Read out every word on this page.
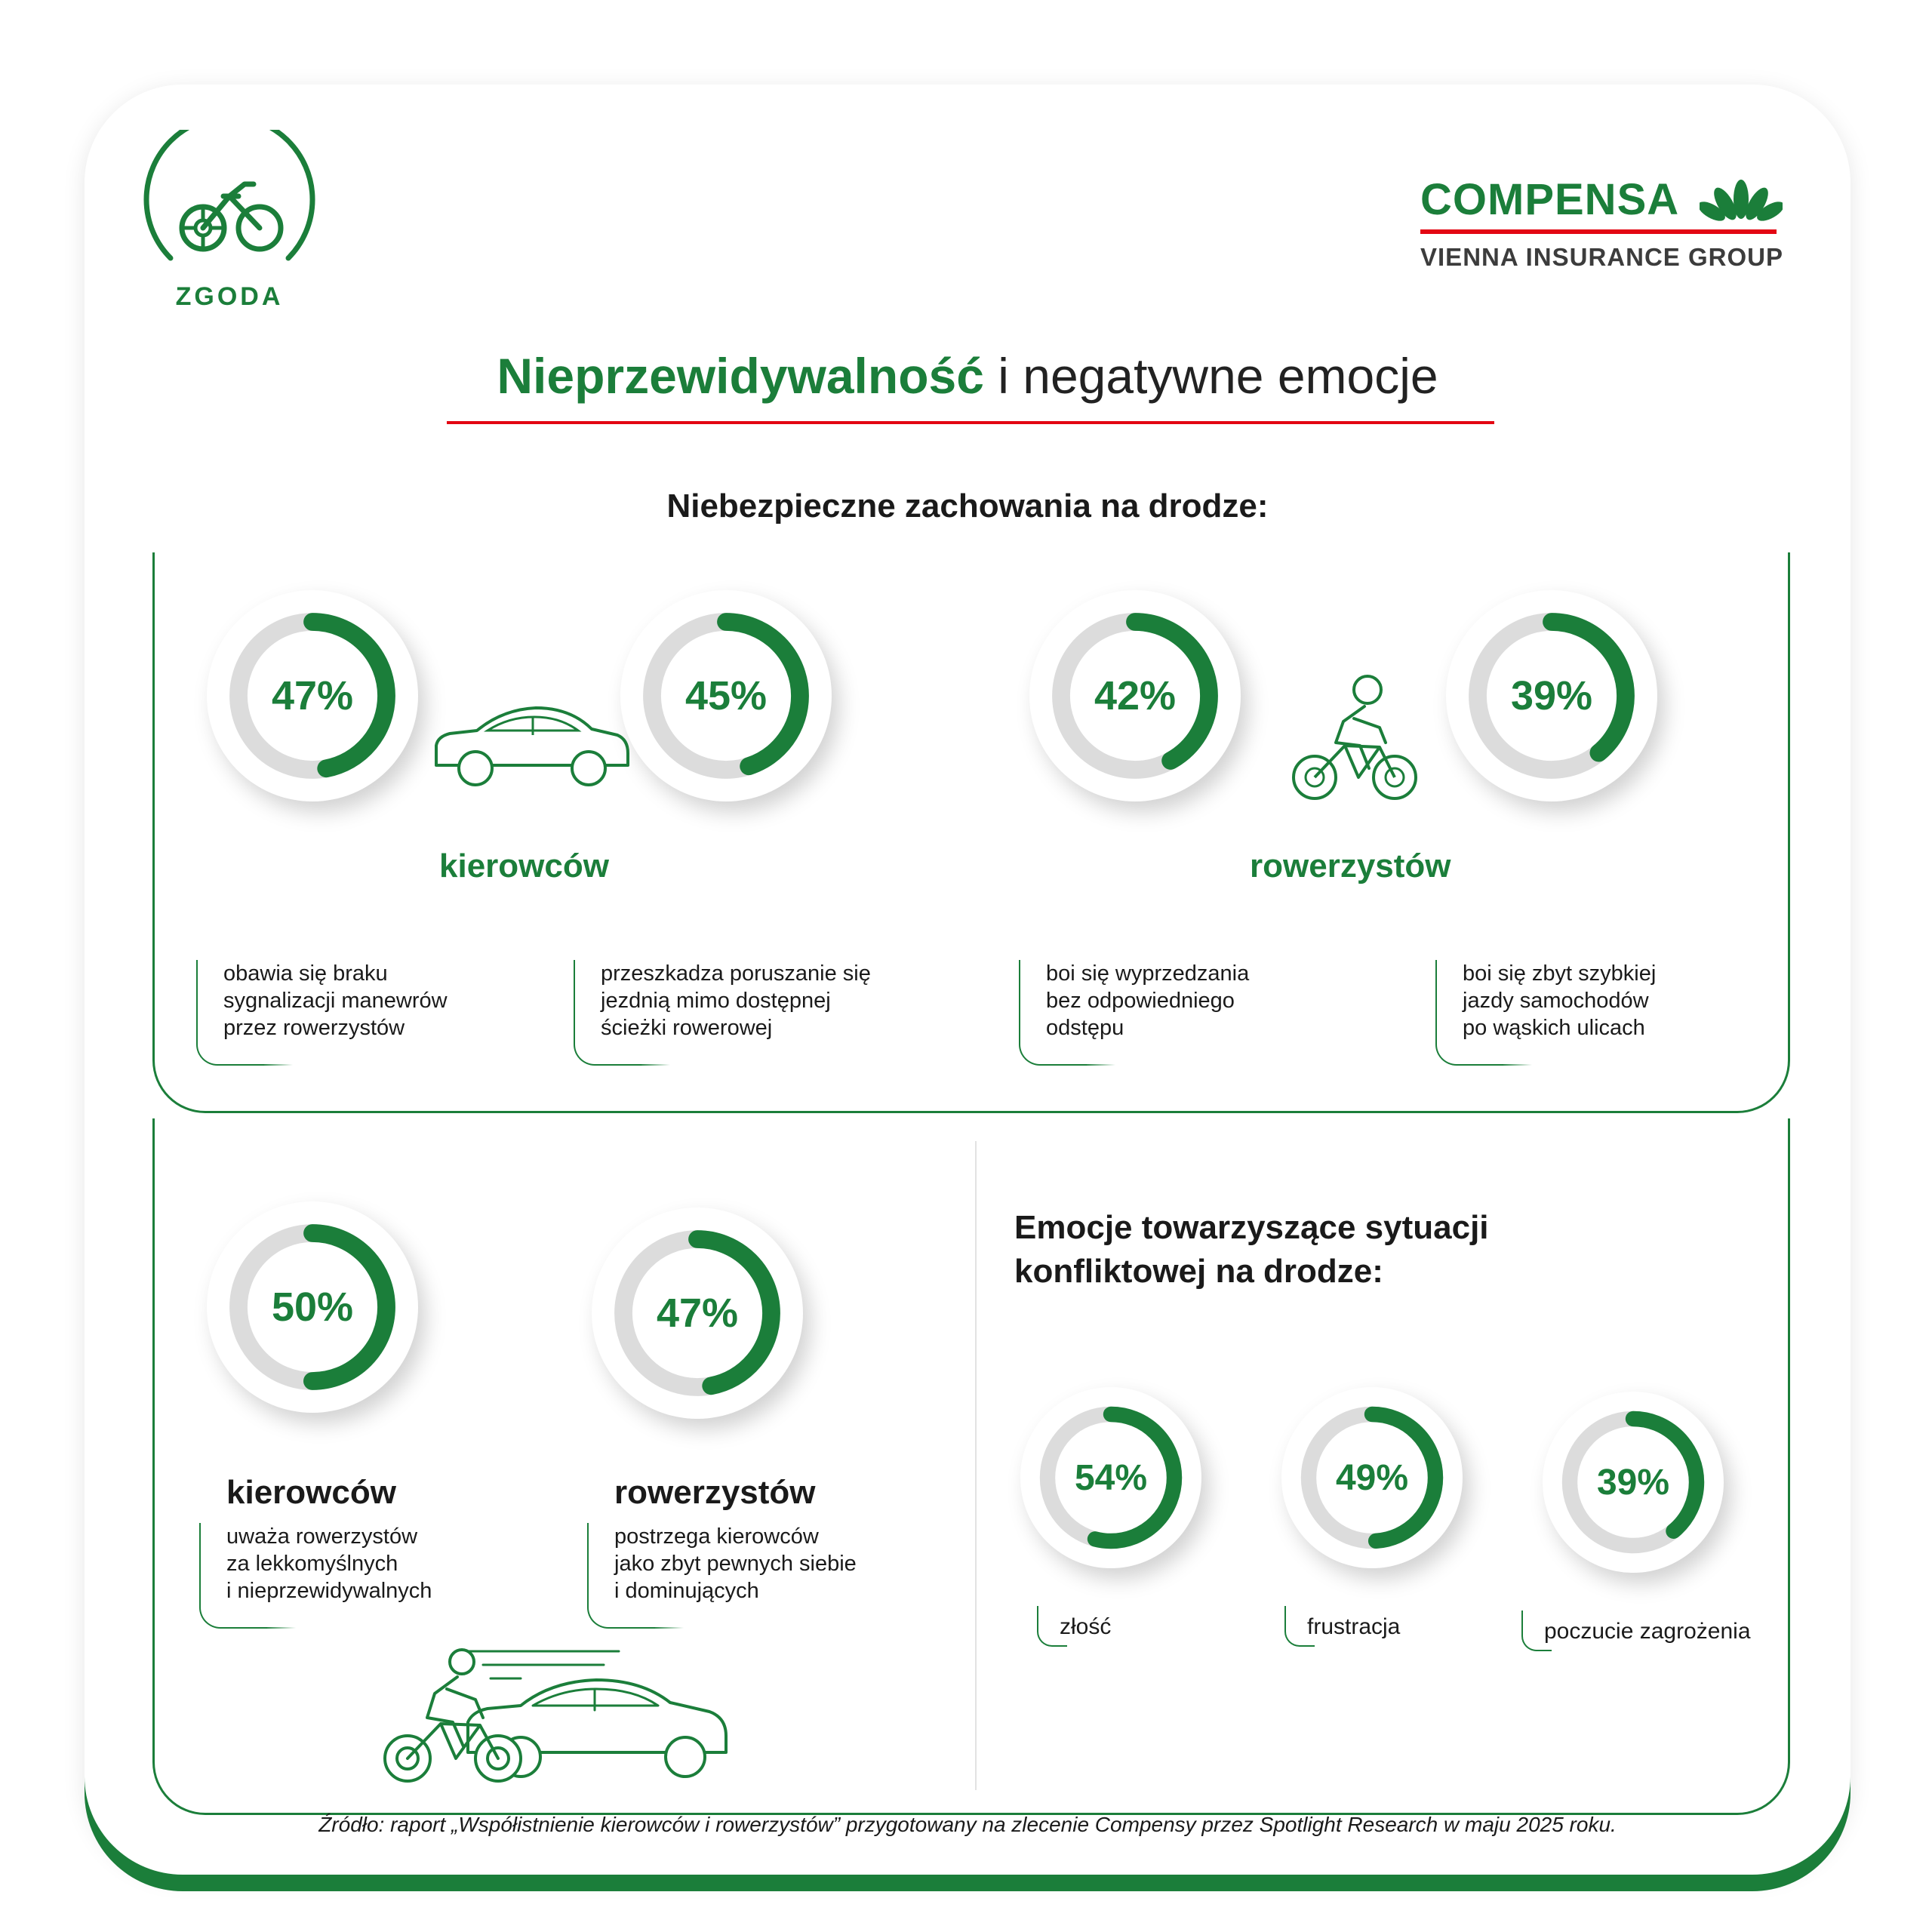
ZGODA
COMPENSA
VIENNA INSURANCE GROUP
Nieprzewidywalność i negatywne emocje
Niebezpieczne zachowania na drodze:
47%	45%	42%	39%
kierowców	rowerzystów
obawia się braku
sygnalizacji manewrów
przez rowerzystów
przeszkadza poruszanie się
jezdnią mimo dostępnej
ścieżki rowerowej
boi się wyprzedzania
bez odpowiedniego
odstępu
boi się zbyt szybkiej
jazdy samochodów
po wąskich ulicach
50%	47%
kierowców	rowerzystów
uważa rowerzystów
za lekkomyślnych
i nieprzewidywalnych
postrzega kierowców
jako zbyt pewnych siebie
i dominujących
Emocje towarzyszące sytuacji
konfliktowej na drodze:
54%	49%	39%
złość	frustracja	poczucie zagrożenia
Źródło: raport „Współistnienie kierowców i rowerzystów” przygotowany na zlecenie Compensy przez Spotlight Research w maju 2025 roku.
